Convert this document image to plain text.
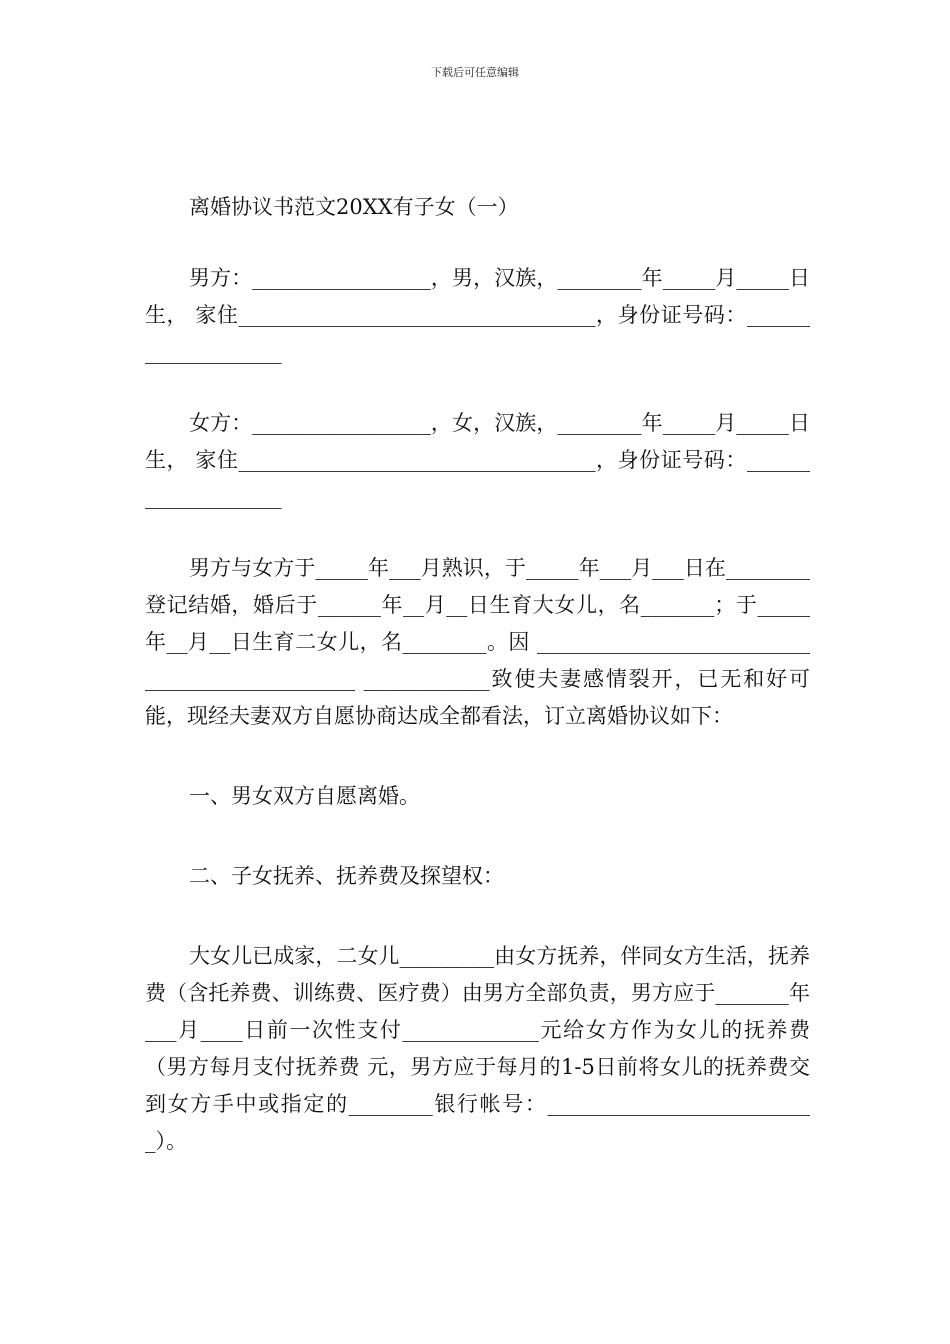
下载后可任意编辑

离婚协议书范文20XX有子女（一）

男方：_________________，男，汉族，________年_____月_____日生， 家住__________________________________，身份证号码：___________________

女方：_________________，女，汉族，________年_____月_____日生， 家住__________________________________，身份证号码：___________________

男方与女方于_____年___月熟识，于_____年___月___日在________登记结婚，婚后于______年__月__日生育大女儿，名_______；于_____年__月__日生育二女儿，名________。因 ______________________________________________ ____________致使夫妻感情裂开，已无和好可能，现经夫妻双方自愿协商达成全都看法，订立离婚协议如下：

一、男女双方自愿离婚。

二、子女抚养、抚养费及探望权：

大女儿已成家，二女儿_________由女方抚养，伴同女方生活，抚养费（含托养费、训练费、医疗费）由男方全部负责，男方应于_______年 ___月____日前一次性支付_____________元给女方作为女儿的抚养费（男方每月支付抚养费 元，男方应于每月的1-5日前将女儿的抚养费交到女方手中或指定的________银行帐号：__________________________）。
